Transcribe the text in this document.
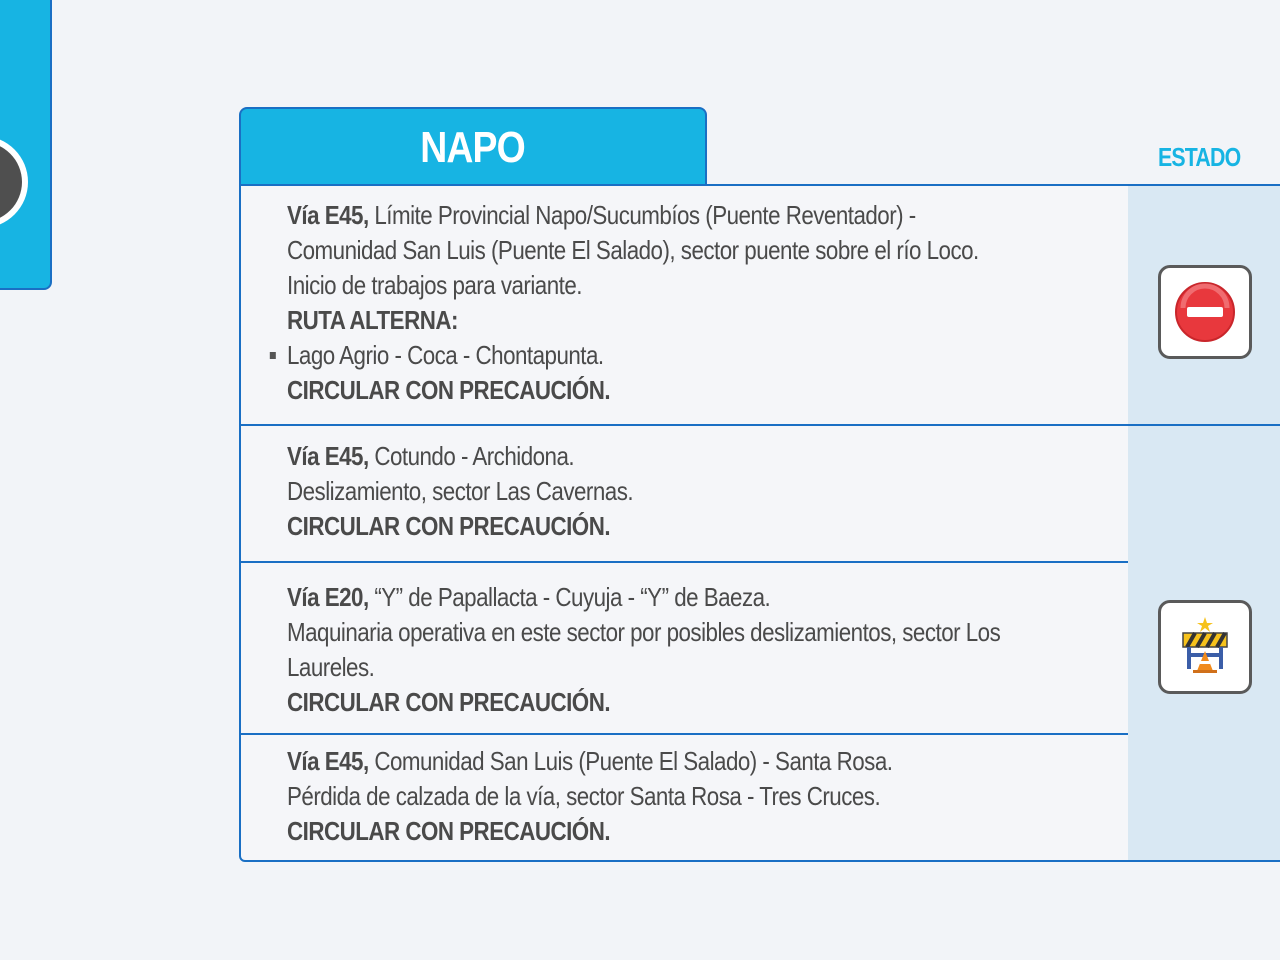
NAPO	ESTADO
Vía E45, Límite Provincial Napo/Sucumbíos (Puente Reventador) -
Comunidad San Luis (Puente El Salado), sector puente sobre el río Loco.
Inicio de trabajos para variante.
RUTA ALTERNA:
Lago Agrio - Coca - Chontapunta.
CIRCULAR CON PRECAUCIÓN.
Vía E45, Cotundo - Archidona.
Deslizamiento, sector Las Cavernas.
CIRCULAR CON PRECAUCIÓN.
Vía E20, “Y” de Papallacta - Cuyuja - “Y” de Baeza.
Maquinaria operativa en este sector por posibles deslizamientos, sector Los
Laureles.
CIRCULAR CON PRECAUCIÓN.
Vía E45, Comunidad San Luis (Puente El Salado) - Santa Rosa.
Pérdida de calzada de la vía, sector Santa Rosa - Tres Cruces.
CIRCULAR CON PRECAUCIÓN.
